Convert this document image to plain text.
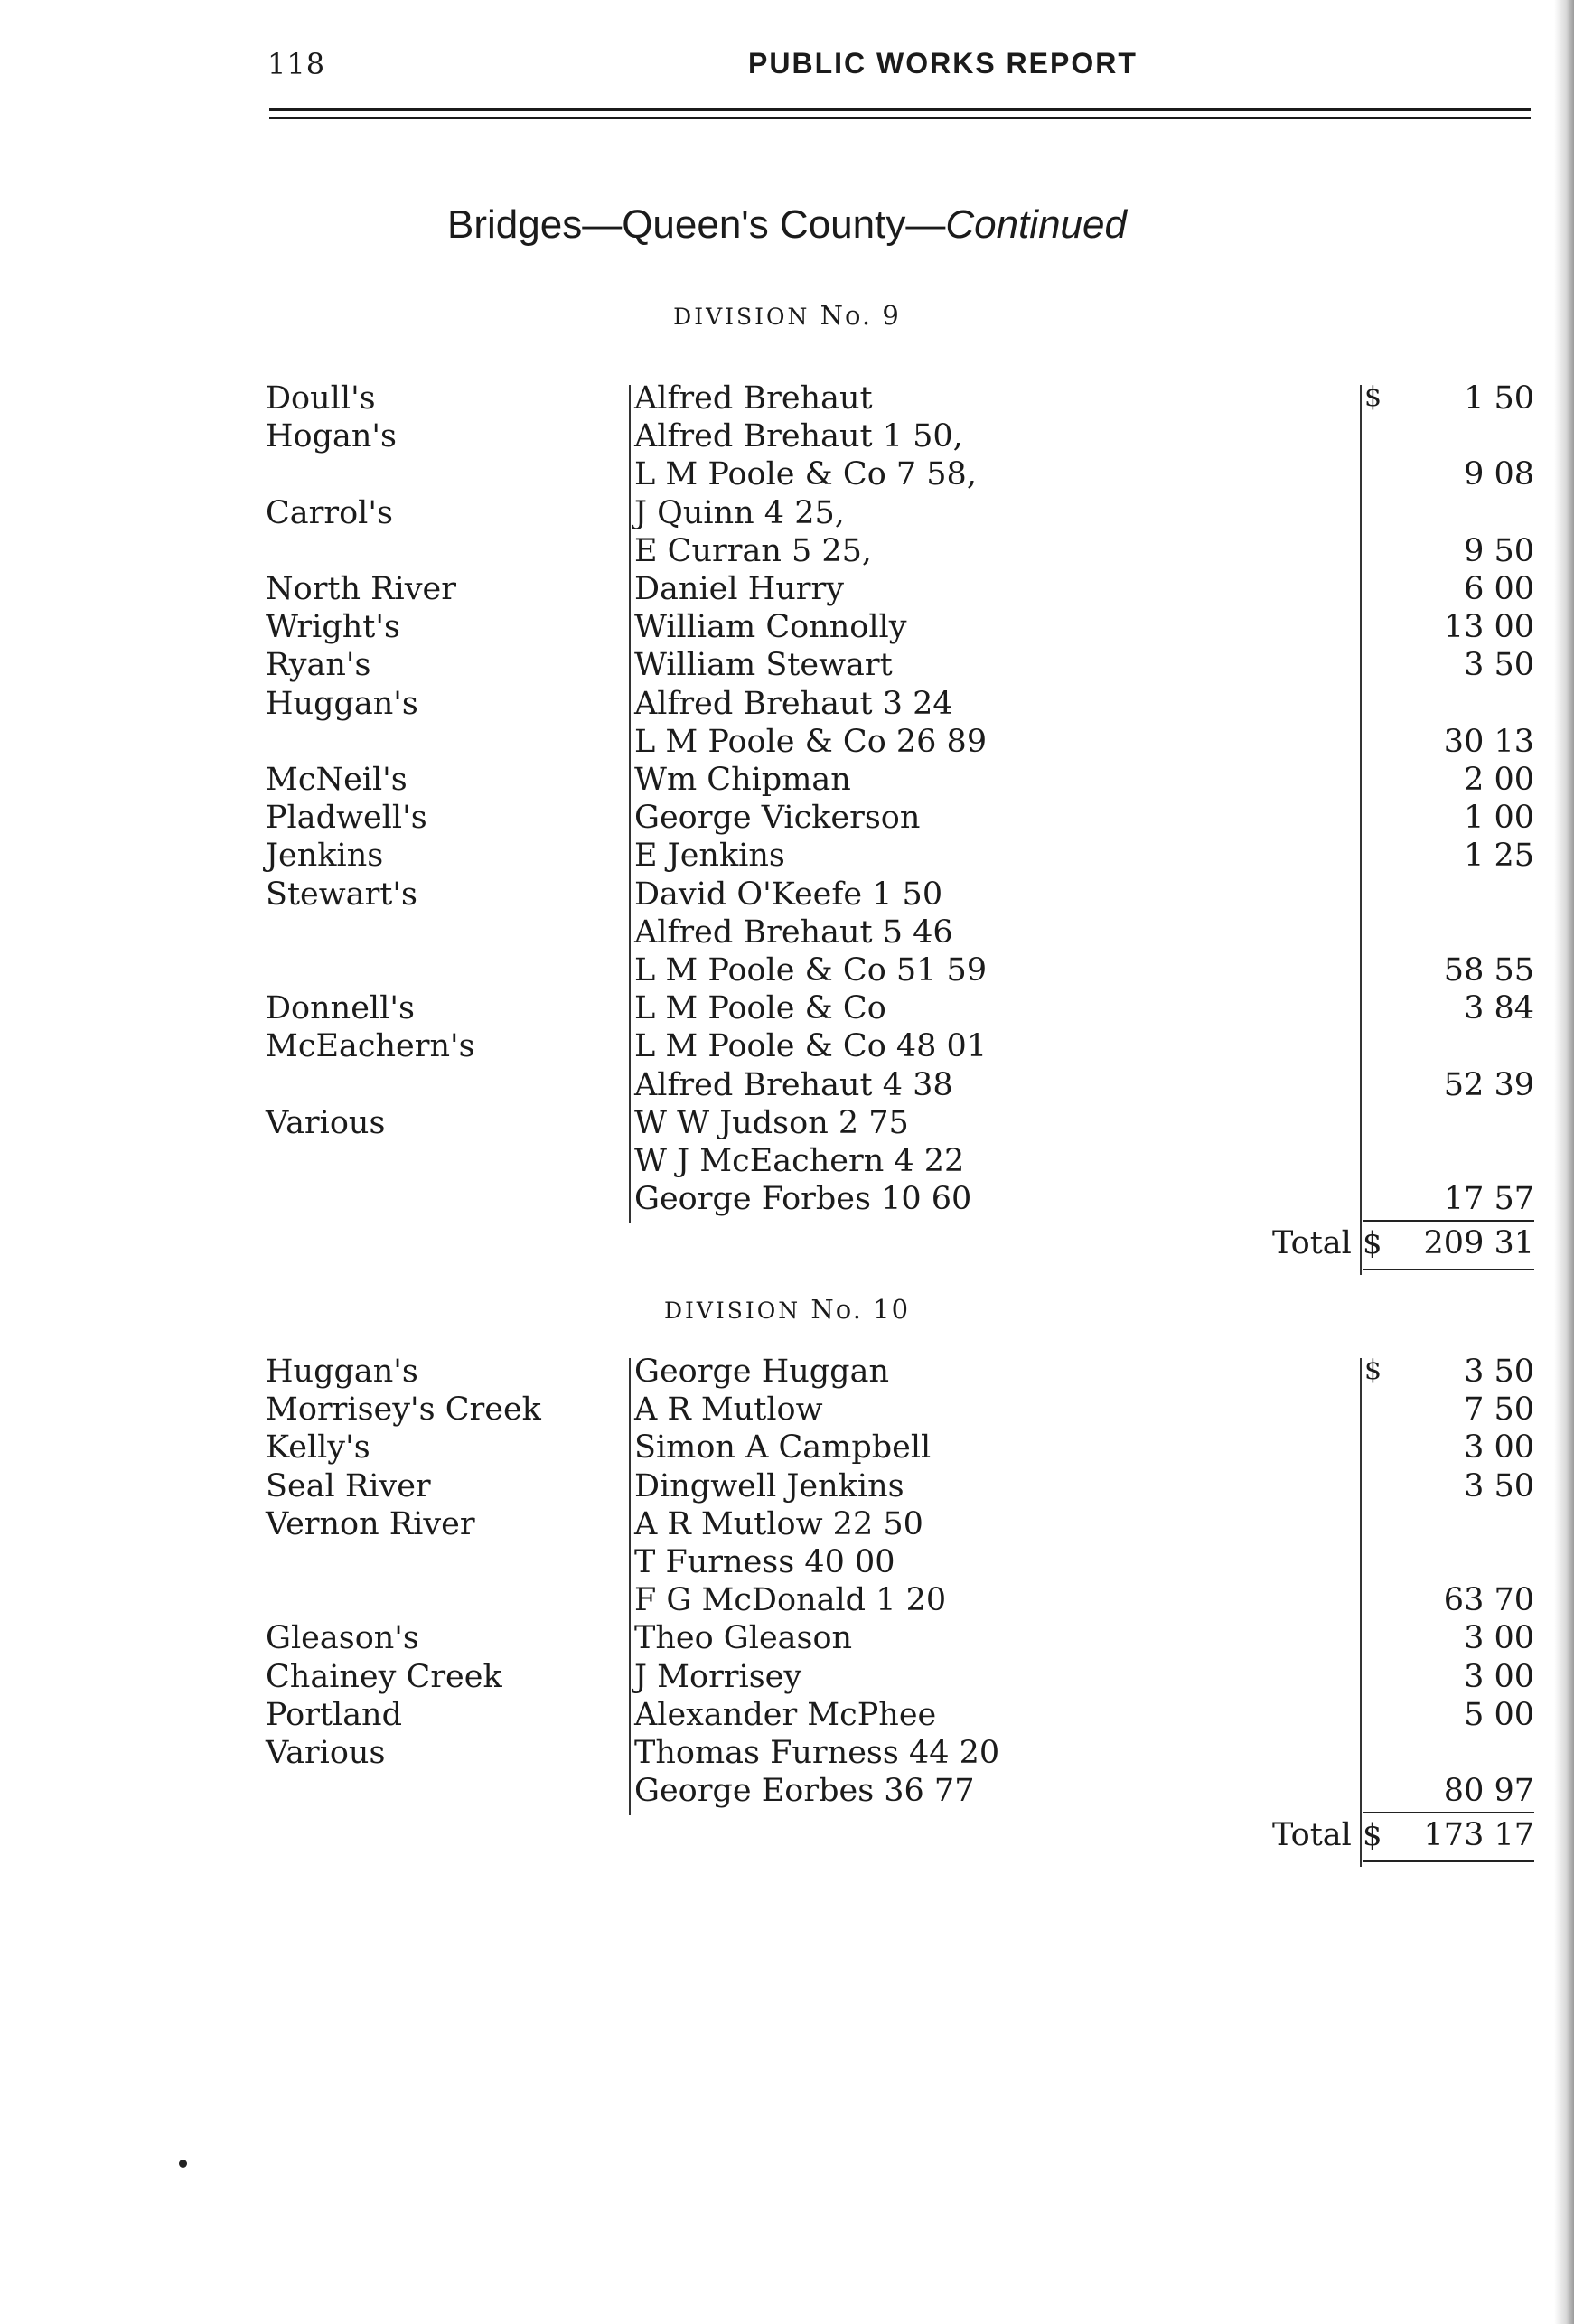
118	PUBLIC WORKS REPORT
Bridges—Queen's County—Continued
DIVISION No. 9
$
Doull's	Alfred Brehaut	1 50
Hogan's	Alfred Brehaut 1 50,
L M Poole & Co 7 58,	9 08
Carrol's	J Quinn 4 25,
E Curran 5 25,	9 50
North River	Daniel Hurry	6 00
Wright's	William Connolly	13 00
Ryan's	William Stewart	3 50
Huggan's	Alfred Brehaut 3 24
L M Poole & Co 26 89	30 13
McNeil's	Wm Chipman	2 00
Pladwell's	George Vickerson	1 00
Jenkins	E Jenkins	1 25
Stewart's	David O'Keefe 1 50
Alfred Brehaut 5 46
L M Poole & Co 51 59	58 55
Donnell's	L M Poole & Co	3 84
McEachern's	L M Poole & Co 48 01
Alfred Brehaut 4 38	52 39
Various	W W Judson 2 75
W J McEachern 4 22
George Forbes 10 60	17 57
Total $ 209 31
DIVISION No. 10
$
Huggan's	George Huggan	3 50
Morrisey's Creek	A R Mutlow	7 50
Kelly's	Simon A Campbell	3 00
Seal River	Dingwell Jenkins	3 50
Vernon River	A R Mutlow 22 50
T Furness 40 00
F G McDonald 1 20	63 70
Gleason's	Theo Gleason	3 00
Chainey Creek	J Morrisey	3 00
Portland	Alexander McPhee	5 00
Various	Thomas Furness 44 20
George Eorbes 36 77	80 97
Total $ 173 17
